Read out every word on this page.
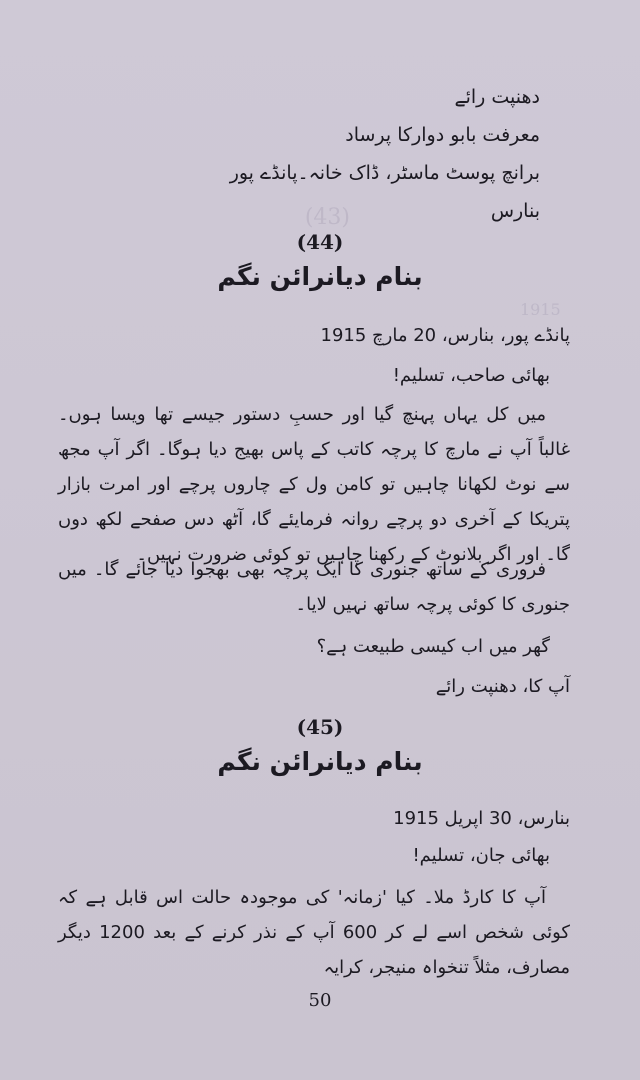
(43)
1915
دھنپت رائے
معرفت بابو دوارکا پرساد
برانچ پوسٹ ماسٹر، ڈاک خانہ۔پانڈے پور
بنارس
(44)
بنام دیانرائن نگم
پانڈے پور، بنارس، 20 مارچ 1915
بھائی صاحب، تسلیم!
میں کل یہاں پہنچ گیا اور حسبِ دستور جیسے تھا ویسا ہوں۔ غالباً آپ نے مارچ کا پرچہ کاتب کے پاس بھیج دیا ہوگا۔ اگر آپ مجھ سے نوٹ لکھانا چاہیں تو کامن ول کے چاروں پرچے اور امرت بازار پتریکا کے آخری دو پرچے روانہ فرمایئے گا، آٹھ دس صفحے لکھ دوں گا۔ اور اگر بلانوٹ کے رکھنا چاہیں تو کوئی ضرورت نہیں۔
فروری کے ساتھ جنوری کا ایک پرچہ بھی بھجوا دیا جائے گا۔ میں جنوری کا کوئی پرچہ ساتھ نہیں لایا۔
گھر میں اب کیسی طبیعت ہے؟
آپ کا، دھنپت رائے
(45)
بنام دیانرائن نگم
بنارس، 30 اپریل 1915
بھائی جان، تسلیم!
آپ کا کارڈ ملا۔ کیا 'زمانہ' کی موجودہ حالت اس قابل ہے کہ کوئی شخص اسے لے کر 600 آپ کے نذر کرنے کے بعد 1200 دیگر مصارف، مثلاً تنخواہ منیجر، کرایہ
50
